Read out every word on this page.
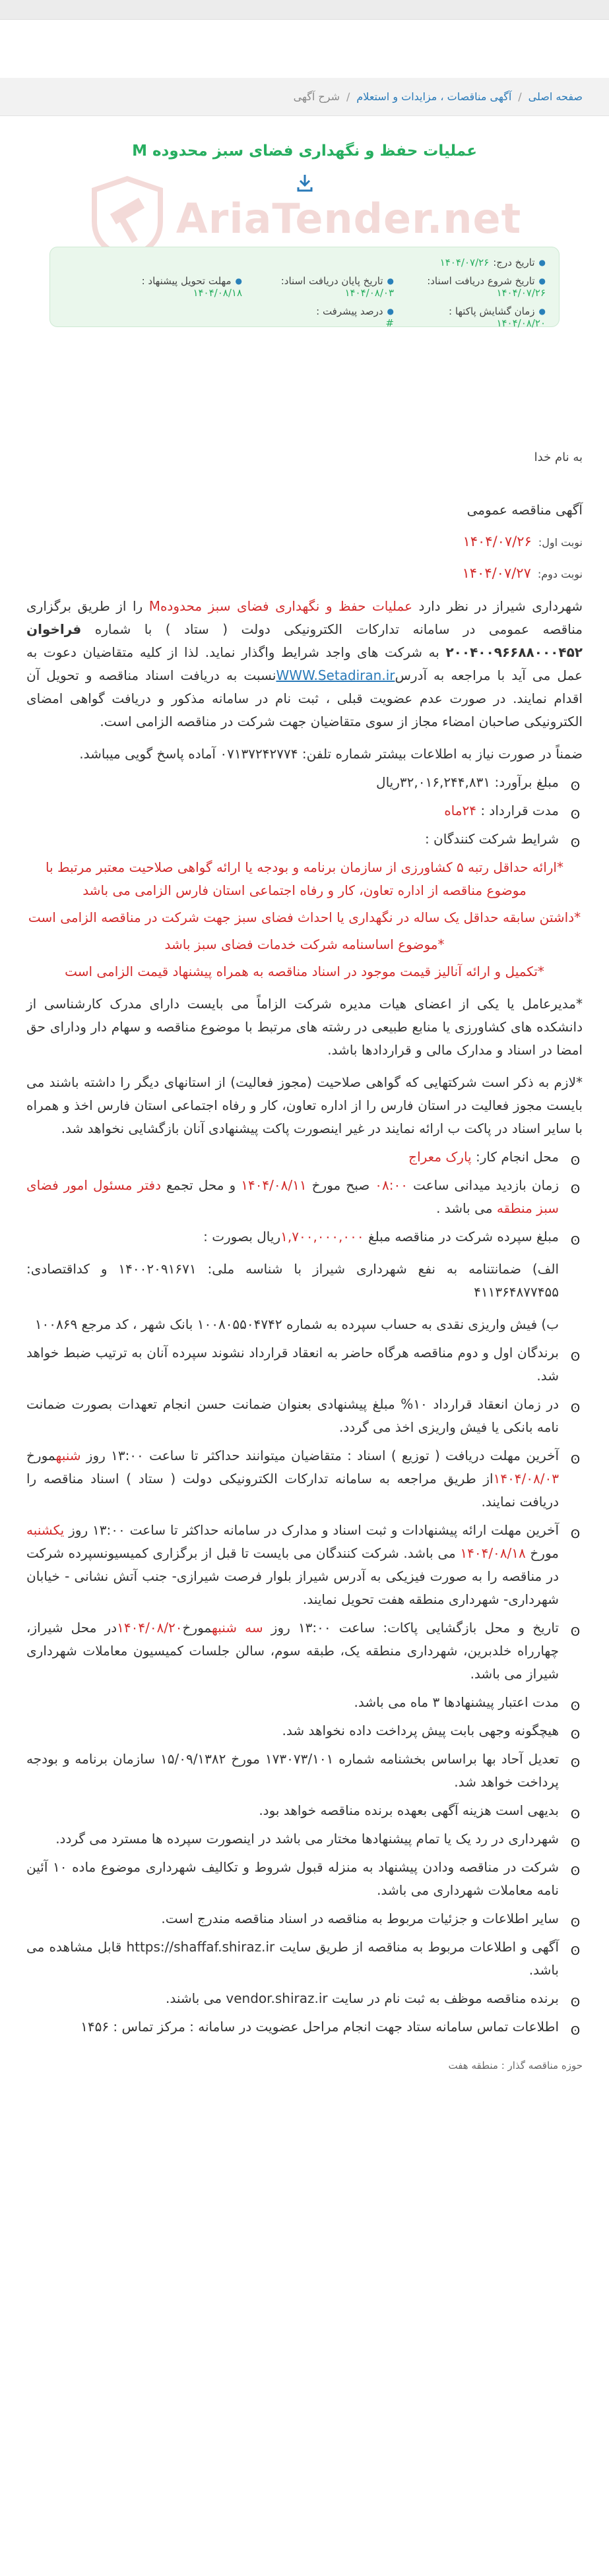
صفحه اصلی
/
آگهی مناقصات ، مزایدات و استعلام
/
شرح آگهی
AriaTender.net
عملیات حفظ و نگهداری فضای سبز محدوده M
●
تاریخ درج:
۱۴۰۴/۰۷/۲۶
●
تاریخ شروع دریافت اسناد:
۱۴۰۴/۰۷/۲۶
●
تاریخ پایان دریافت اسناد:
۱۴۰۴/۰۸/۰۳
●
مهلت تحویل پیشنهاد :
۱۴۰۴/۰۸/۱۸
●
زمان گشایش پاکتها :
۱۴۰۴/۰۸/۲۰
●
درصد پیشرفت :
#
به نام خدا
آگهی مناقصه عمومی
نوبت اول:
۱۴۰۴/۰۷/۲۶
نوبت دوم:
۱۴۰۴/۰۷/۲۷

شهرداری شیراز در نظر دارد عملیات حفظ و نگهداری فضای سبز محدودهM را از طریق برگزاری مناقصه عمومی در سامانه تدارکات الکترونیکی دولت ( ستاد ) با شماره فراخوان ۲۰۰۴۰۰۹۶۶۸۸۰۰۰۴۵۲ به شرکت های واجد شرایط واگذار نماید. لذا از کلیه متقاضیان دعوت به عمل می آید با مراجعه به آدرسWWW.Setadiran.irنسبت به دریافت اسناد مناقصه و تحویل آن اقدام نمایند. در صورت عدم عضویت قبلی ، ثبت نام در سامانه مذکور و دریافت گواهی امضای الکترونیکی صاحبان امضاء مجاز از سوی متقاضیان جهت شرکت در مناقصه الزامی است.

ضمناً در صورت نیاز به اطلاعات بیشتر شماره تلفن: ۰۷۱۳۷۲۴۲۷۷۴ آماده پاسخ گویی میباشد.

ʘ
مبلغ برآورد: ۳۲,۰۱۶,۲۴۴,۸۳۱ریال
ʘ
مدت قرارداد : ۲۴ماه
ʘ
شرایط شرکت کنندگان :
*ارائه حداقل رتبه ۵ کشاورزی از سازمان برنامه و بودجه یا ارائه گواهی صلاحیت معتبر مرتبط با موضوع مناقصه از اداره تعاون، کار و رفاه اجتماعی استان فارس الزامی می باشد
*داشتن سابقه حداقل یک ساله در نگهداری یا احداث فضای سبز جهت شرکت در مناقصه الزامی است
*موضوع اساسنامه شرکت خدمات فضای سبز باشد
*تکمیل و ارائه آنالیز قیمت موجود در اسناد مناقصه به همراه پیشنهاد قیمت الزامی است

*مدیرعامل یا یکی از اعضای هیات مدیره شرکت الزاماً می بایست دارای مدرک کارشناسی از دانشکده های کشاورزی یا منابع طبیعی در رشته های مرتبط با موضوع مناقصه و سهام دار ودارای حق امضا در اسناد و مدارک مالی و قراردادها باشد.

*لازم به ذکر است شرکتهایی که گواهی صلاحیت (مجوز فعالیت) از استانهای دیگر را داشته باشند می بایست مجوز فعالیت در استان فارس را از اداره تعاون، کار و رفاه اجتماعی استان فارس اخذ و همراه با سایر اسناد در پاکت ب ارائه نمایند در غیر اینصورت پاکت پیشنهادی آنان بازگشایی نخواهد شد.

ʘ
محل انجام کار: پارک معراج
ʘ
زمان بازدید میدانی ساعت ۰۸:۰۰ صبح مورخ ۱۴۰۴/۰۸/۱۱ و محل تجمع دفتر مسئول امور فضای سبز منطقه می باشد .
ʘ
مبلغ سپرده شرکت در مناقصه مبلغ ۱,۷۰۰,۰۰۰,۰۰۰ریال بصورت :

الف) ضمانتنامه به نفع شهرداری شیراز با شناسه ملی: ۱۴۰۰۲۰۹۱۶۷۱ و کداقتصادی: ۴۱۱۳۶۴۸۷۷۴۵۵

ب) فیش واریزی نقدی به حساب سپرده به شماره ۱۰۰۸۰۵۵۰۴۷۴۲ بانک شهر ، کد مرجع ۱۰۰۸۶۹

ʘ
برندگان اول و دوم مناقصه هرگاه حاضر به انعقاد قرارداد نشوند سپرده آنان به ترتیب ضبط خواهد شد.
ʘ
در زمان انعقاد قرارداد ۱۰% مبلغ پیشنهادی بعنوان ضمانت حسن انجام تعهدات بصورت ضمانت نامه بانکی یا فیش واریزی اخذ می گردد.
ʘ
آخرین مهلت دریافت ( توزیع ) اسناد : متقاضیان میتوانند حداکثر تا ساعت ۱۳:۰۰ روز شنبهمورخ ۱۴۰۴/۰۸/۰۳از طریق مراجعه به سامانه تدارکات الکترونیکی دولت ( ستاد ) اسناد مناقصه را دریافت نمایند.
ʘ
آخرین مهلت ارائه پیشنهادات و ثبت اسناد و مدارک در سامانه حداکثر تا ساعت ۱۳:۰۰ روز یکشنبه مورخ ۱۴۰۴/۰۸/۱۸ می باشد. شرکت کنندگان می بایست تا قبل از برگزاری کمیسیونسپرده شرکت در مناقصه را به صورت فیزیکی به آدرس شیراز بلوار فرصت شیرازی- جنب آتش نشانی - خیابان شهرداری- شهرداری منطقه هفت تحویل نمایند.
ʘ
تاریخ و محل بازگشایی پاکات: ساعت ۱۳:۰۰ روز سه شنبهمورخ۱۴۰۴/۰۸/۲۰در محل شیراز، چهارراه خلدبرین، شهرداری منطقه یک، طبقه سوم، سالن جلسات کمیسیون معاملات شهرداری شیراز می باشد.
ʘ
مدت اعتبار پیشنهادها ۳ ماه می باشد.
ʘ
هیچگونه وجهی بابت پیش پرداخت داده نخواهد شد.
ʘ
تعدیل آحاد بها براساس بخشنامه شماره ۱۷۳۰۷۳/۱۰۱ مورخ ۱۵/۰۹/۱۳۸۲ سازمان برنامه و بودجه پرداخت خواهد شد.
ʘ
بدیهی است هزینه آگهی بعهده برنده مناقصه خواهد بود.
ʘ
شهرداری در رد یک یا تمام پیشنهادها مختار می باشد در اینصورت سپرده ها مسترد می گردد.
ʘ
شرکت در مناقصه ودادن پیشنهاد به منزله قبول شروط و تکالیف شهرداری موضوع ماده ۱۰ آئین نامه معاملات شهرداری می باشد.
ʘ
سایر اطلاعات و جزئیات مربوط به مناقصه در اسناد مناقصه مندرج است.
ʘ
آگهی و اطلاعات مربوط به مناقصه از طریق سایت https://shaffaf.shiraz.ir قابل مشاهده می باشد.
ʘ
برنده مناقصه موظف به ثبت نام در سایت vendor.shiraz.ir می باشند.
ʘ
اطلاعات تماس سامانه ستاد جهت انجام مراحل عضویت در سامانه : مرکز تماس : ۱۴۵۶
حوزه مناقصه گذار : منطقه هفت
